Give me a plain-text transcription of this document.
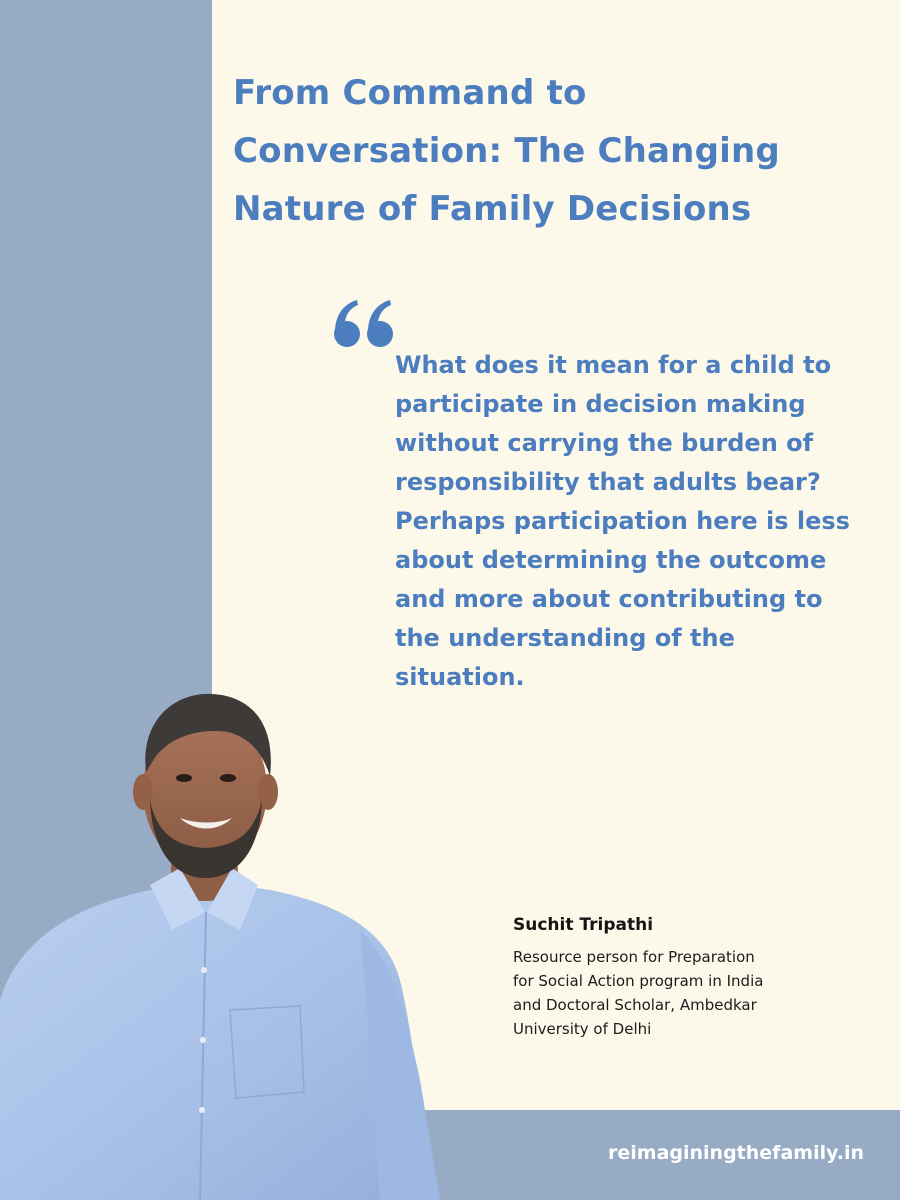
From Command to
Conversation: The Changing
Nature of Family Decisions

What does it mean for a child to
participate in decision making
without carrying the burden of
responsibility that adults bear?
Perhaps participation here is less
about determining the outcome
and more about contributing to
the understanding of the
situation.

Suchit Tripathi

Resource person for Preparation
for Social Action program in India
and Doctoral Scholar, Ambedkar
University of Delhi

reimaginingthefamily.in
